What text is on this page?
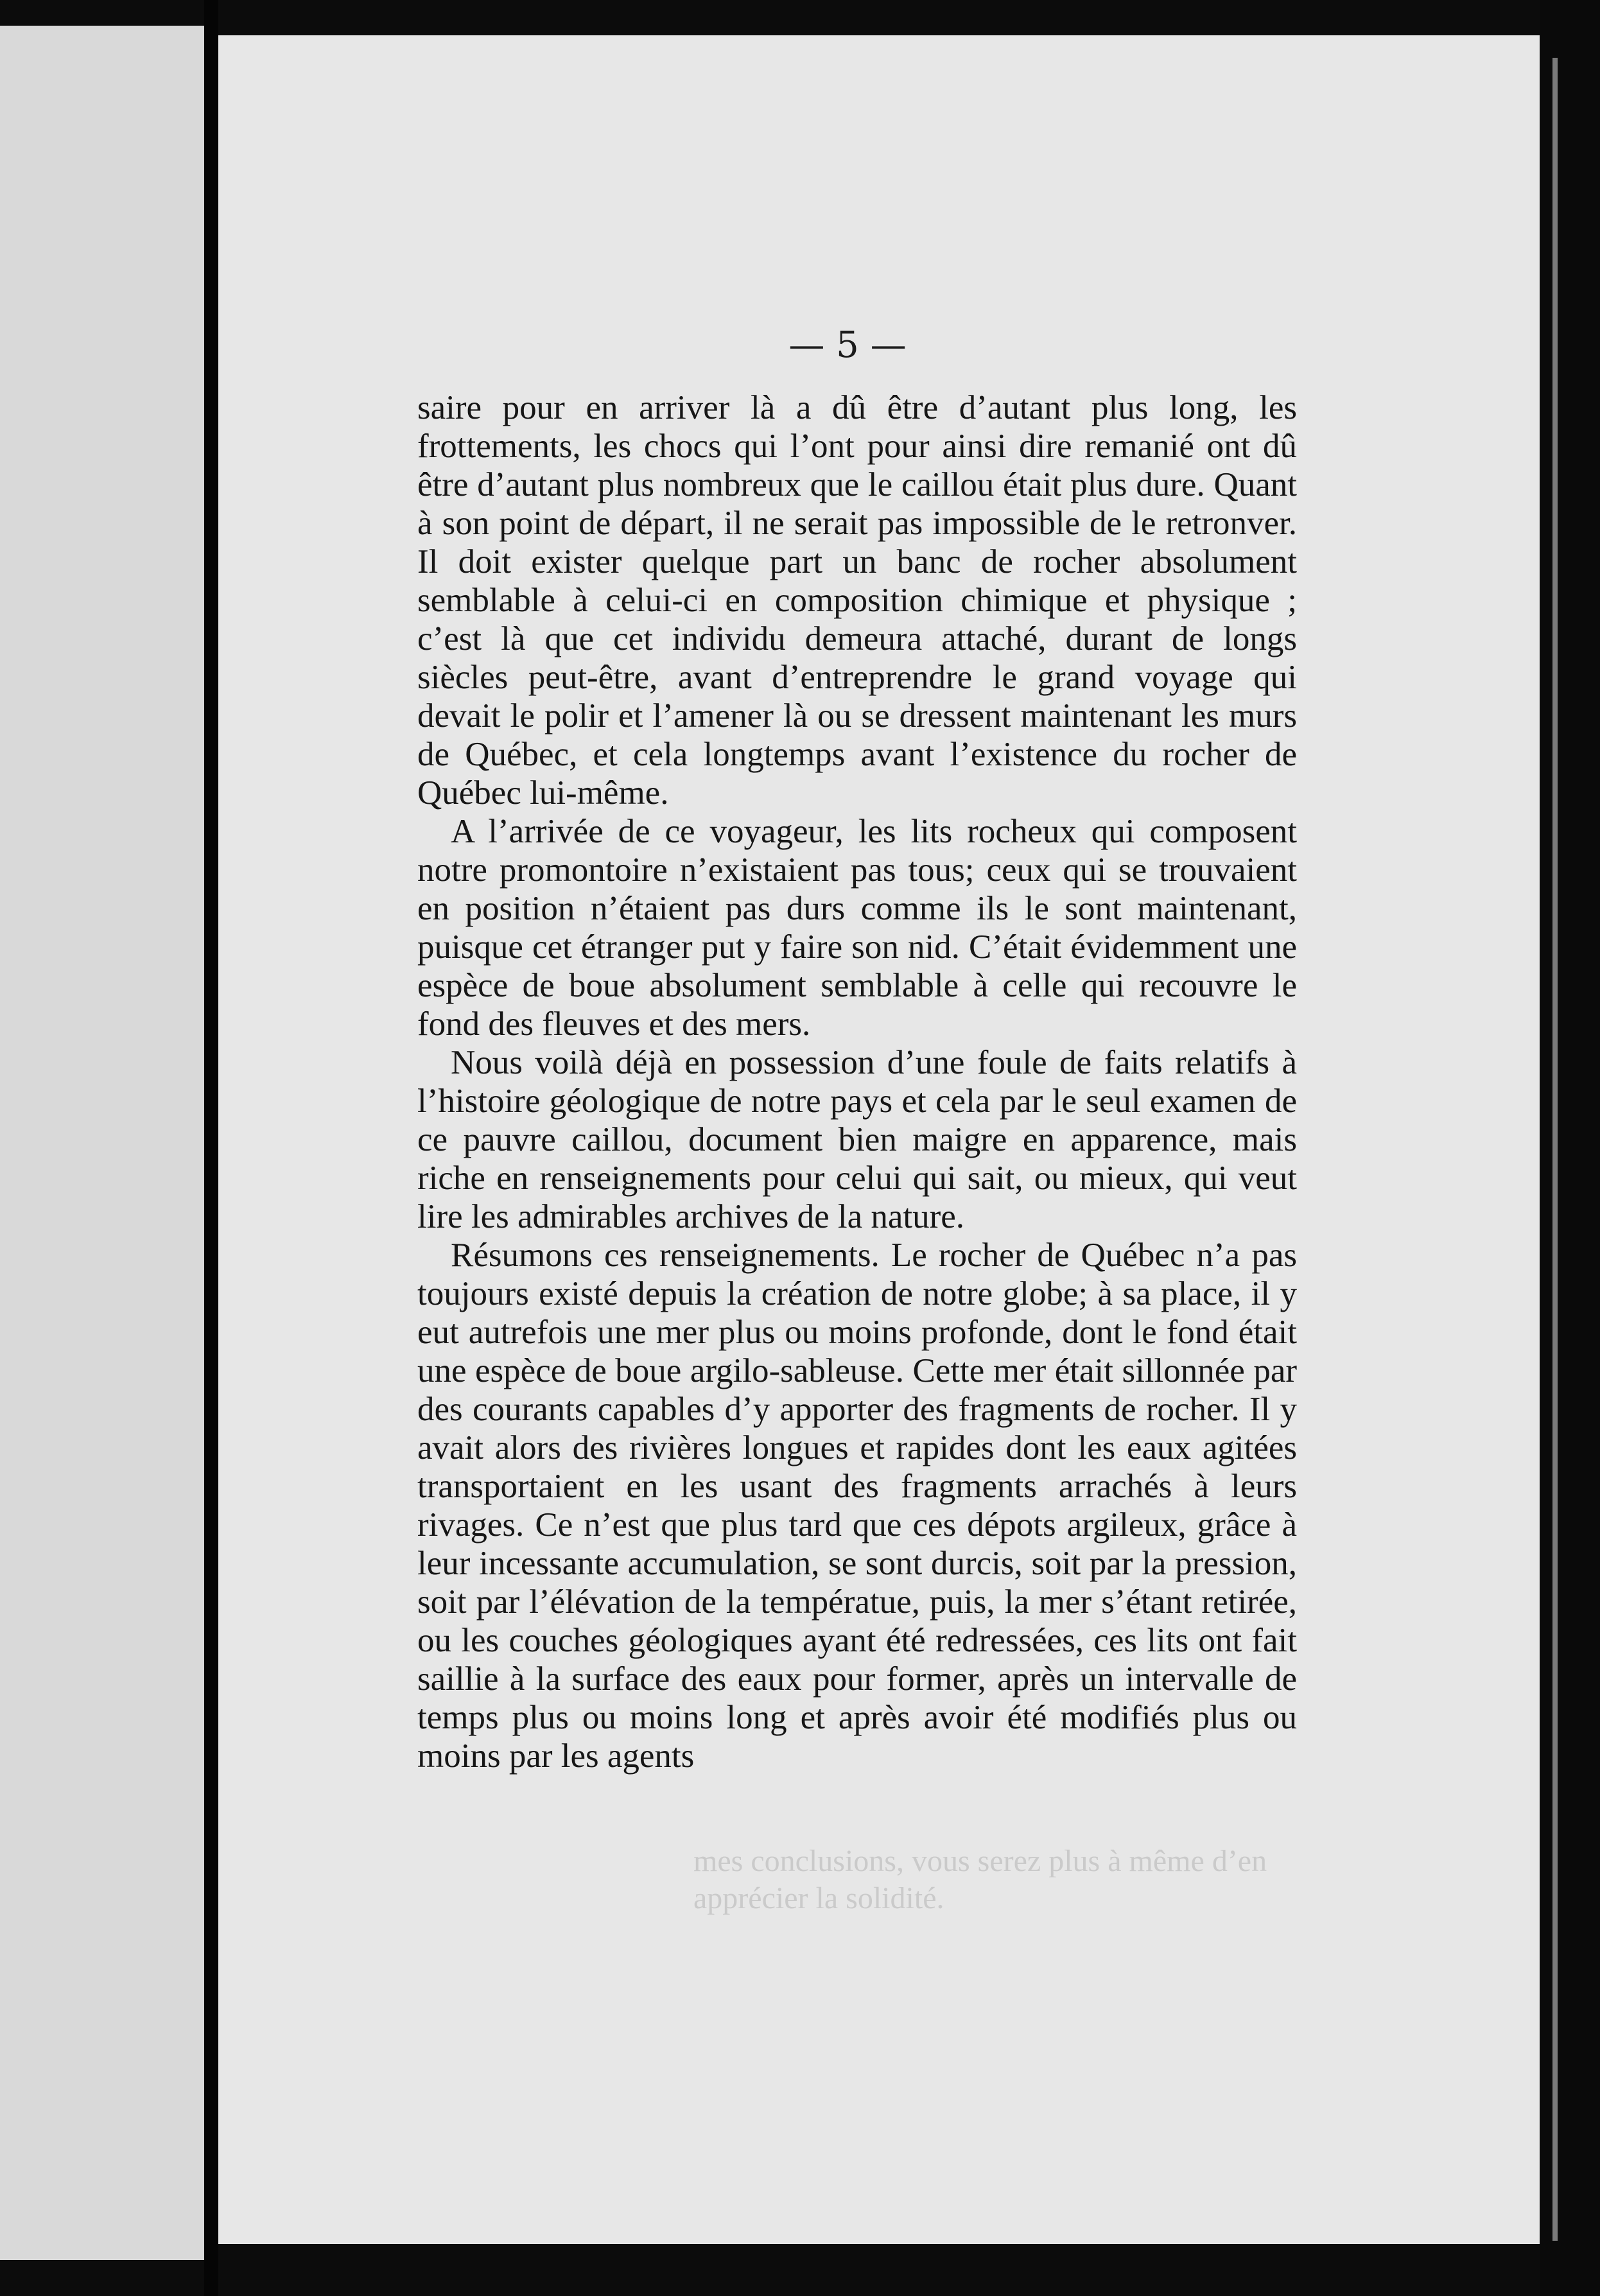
mes conclusions, vous serez plus à même d’en apprécier la solidité.
— 5 —

saire pour en arriver là a dû être d’autant plus long, les frottements, les chocs qui l’ont pour ainsi dire remanié ont dû être d’autant plus nombreux que le caillou était plus dure. Quant à son point de départ, il ne serait pas impossible de le retronver. Il doit exister quelque part un banc de rocher absolument semblable à celui-ci en composition chimique et physique ; c’est là que cet individu demeura attaché, durant de longs siècles peut-être, avant d’entreprendre le grand voyage qui devait le polir et l’amener là ou se dressent maintenant les murs de Québec, et cela longtemps avant l’existence du rocher de Québec lui-même.

A l’arrivée de ce voyageur, les lits rocheux qui composent notre promontoire n’existaient pas tous; ceux qui se trouvaient en position n’étaient pas durs comme ils le sont maintenant, puisque cet étranger put y faire son nid. C’était évidemment une espèce de boue absolument semblable à celle qui recouvre le fond des fleuves et des mers.

Nous voilà déjà en possession d’une foule de faits relatifs à l’histoire géologique de notre pays et cela par le seul examen de ce pauvre caillou, document bien maigre en apparence, mais riche en renseignements pour celui qui sait, ou mieux, qui veut lire les admirables archives de la nature.

Résumons ces renseignements. Le rocher de Québec n’a pas toujours existé depuis la création de notre globe; à sa place, il y eut autrefois une mer plus ou moins profonde, dont le fond était une espèce de boue argilo-sableuse. Cette mer était sillonnée par des courants capables d’y apporter des fragments de rocher. Il y avait alors des rivières longues et rapides dont les eaux agitées transportaient en les usant des fragments arrachés à leurs rivages. Ce n’est que plus tard que ces dépots argileux, grâce à leur incessante accumulation, se sont durcis, soit par la pression, soit par l’élévation de la températue, puis, la mer s’étant retirée, ou les couches géologiques ayant été redressées, ces lits ont fait saillie à la surface des eaux pour former, après un intervalle de temps plus ou moins long et après avoir été modifiés plus ou moins par les agents
